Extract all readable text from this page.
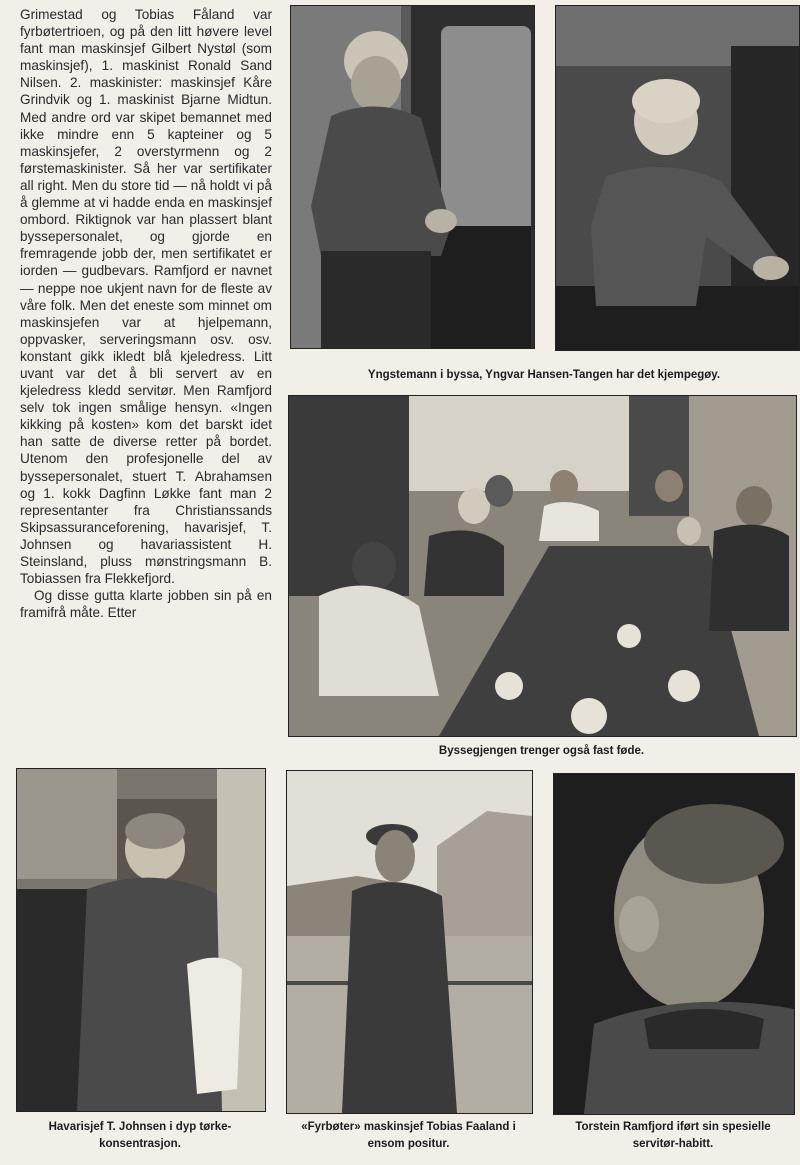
Grimestad og Tobias Fåland var fyrbøtertrioen, og på den litt høvere level fant man maskinsjef Gilbert Nystøl (som maskinsjef), 1. maskinist Ronald Sand Nilsen. 2. maskinister: maskinsjef Kåre Grindvik og 1. maskinist Bjarne Midtun. Med andre ord var skipet bemannet med ikke mindre enn 5 kapteiner og 5 maskinsjefer, 2 overstyrmenn og 2 førstemaskinister. Så her var sertifikater all right. Men du store tid — nå holdt vi på å glemme at vi hadde enda en maskinsjef ombord. Riktignok var han plassert blant byssepersonalet, og gjorde en fremragende jobb der, men sertifikatet er iorden — gudbevars. Ramfjord er navnet — neppe noe ukjent navn for de fleste av våre folk. Men det eneste som minnet om maskinsjefen var at hjelpemann, oppvasker, serveringsmann osv. osv. konstant gikk ikledt blå kjeledress. Litt uvant var det å bli servert av en kjeledress kledd servitør. Men Ramfjord selv tok ingen smålige hensyn. «Ingen kikking på kosten» kom det barskt idet han satte de diverse retter på bordet. Utenom den profesjonelle del av byssepersonalet, stuert T. Abrahamsen og 1. kokk Dagfinn Løkke fant man 2 representanter fra Christianssands Skipsassuranceforening, havarisjef, T. Johnsen og havariassistent H. Steinsland, pluss mønstringsmann B. Tobiassen fra Flekkefjord.

Og disse gutta klarte jobben sin på en framifrå måte. Etter

Yngstemann i byssa, Yngvar Hansen-Tangen har det kjempegøy.
Byssegjengen trenger også fast føde.
Havarisjef T. Johnsen i dyp tørke-konsentrasjon.
«Fyrbøter» maskinsjef Tobias Faaland i ensom positur.
Torstein Ramfjord iført sin spesielle servitør-habitt.
